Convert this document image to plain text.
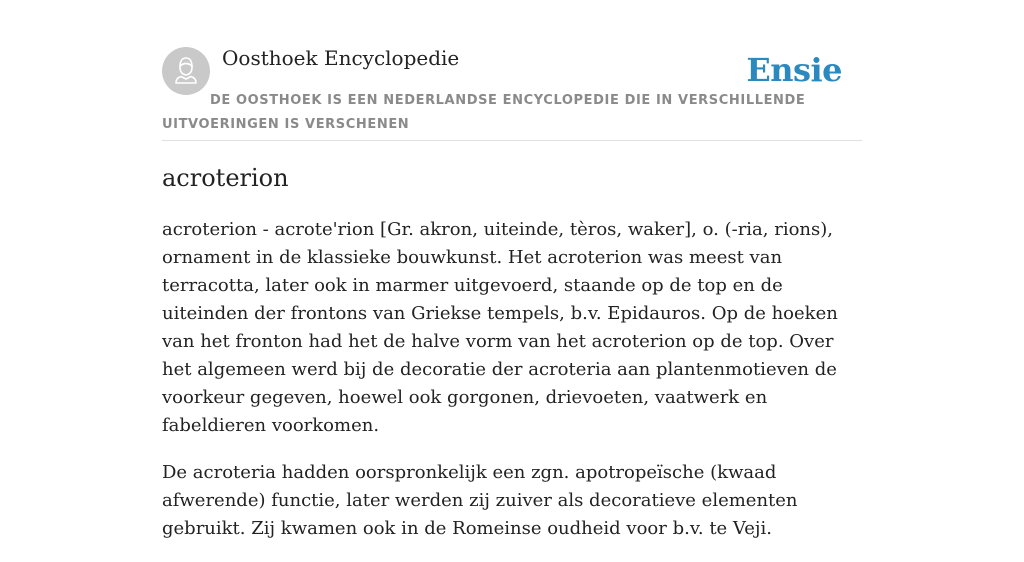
Oosthoek Encyclopedie	Ensie
DE OOSTHOEK IS EEN NEDERLANDSE ENCYCLOPEDIE DIE IN VERSCHILLENDE UITVOERINGEN IS VERSCHENEN
acroterion

acroterion - acrote'rion [Gr. akron, uiteinde, tèros, waker], o. (-ria, rions), ornament in de klassieke bouwkunst. Het acroterion was meest van terracotta, later ook in marmer uitgevoerd, staande op de top en de uiteinden der frontons van Griekse tempels, b.v. Epidauros. Op de hoeken van het fronton had het de halve vorm van het acroterion op de top. Over het algemeen werd bij de decoratie der acroteria aan plantenmotieven de voorkeur gegeven, hoewel ook gorgonen, drievoeten, vaatwerk en fabeldieren voorkomen.

De acroteria hadden oorspronkelijk een zgn. apotropeïsche (kwaad afwerende) functie, later werden zij zuiver als decoratieve elementen gebruikt. Zij kwamen ook in de Romeinse oudheid voor b.v. te Veji.
